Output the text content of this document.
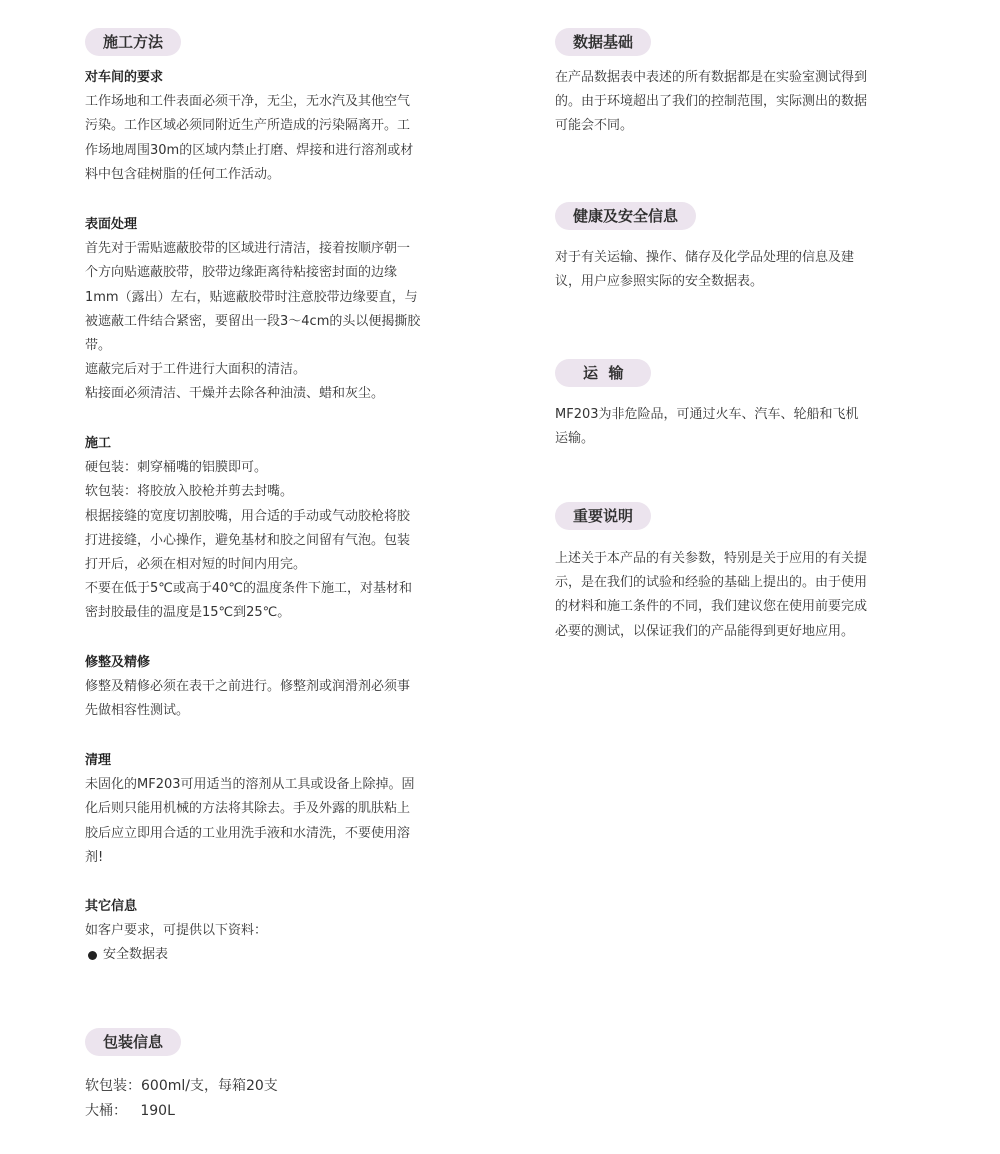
施工方法

对车间的要求

工作场地和工件表面必须干净，无尘，无水汽及其他空气

污染。工作区域必须同附近生产所造成的污染隔离开。工

作场地周围30m的区域内禁止打磨、焊接和进行溶剂或材

料中包含硅树脂的任何工作活动。

表面处理

首先对于需贴遮蔽胶带的区域进行清洁，接着按顺序朝一

个方向贴遮蔽胶带，胶带边缘距离待粘接密封面的边缘

1mm（露出）左右，贴遮蔽胶带时注意胶带边缘要直，与

被遮蔽工件结合紧密，要留出一段3～4cm的头以便揭撕胶

带。

遮蔽完后对于工件进行大面积的清洁。

粘接面必须清洁、干燥并去除各种油渍、蜡和灰尘。

施工

硬包装：刺穿桶嘴的铝膜即可。

软包装：将胶放入胶枪并剪去封嘴。

根据接缝的宽度切割胶嘴，用合适的手动或气动胶枪将胶

打进接缝，小心操作，避免基材和胶之间留有气泡。包装

打开后，必须在相对短的时间内用完。

不要在低于5℃或高于40℃的温度条件下施工，对基材和

密封胶最佳的温度是15℃到25℃。

修整及精修

修整及精修必须在表干之前进行。修整剂或润滑剂必须事

先做相容性测试。

清理

未固化的MF203可用适当的溶剂从工具或设备上除掉。固

化后则只能用机械的方法将其除去。手及外露的肌肤粘上

胶后应立即用合适的工业用洗手液和水清洗，不要使用溶

剂!

其它信息

如客户要求，可提供以下资料：

安全数据表

包装信息

软包装：600ml/支，每箱20支

大桶：   190L

数据基础

在产品数据表中表述的所有数据都是在实验室测试得到

的。由于环境超出了我们的控制范围，实际测出的数据

可能会不同。

健康及安全信息

对于有关运输、操作、储存及化学品处理的信息及建

议，用户应参照实际的安全数据表。

运  输

MF203为非危险品，可通过火车、汽车、轮船和飞机

运输。

重要说明

上述关于本产品的有关参数，特别是关于应用的有关提

示，是在我们的试验和经验的基础上提出的。由于使用

的材料和施工条件的不同，我们建议您在使用前要完成

必要的测试，以保证我们的产品能得到更好地应用。
